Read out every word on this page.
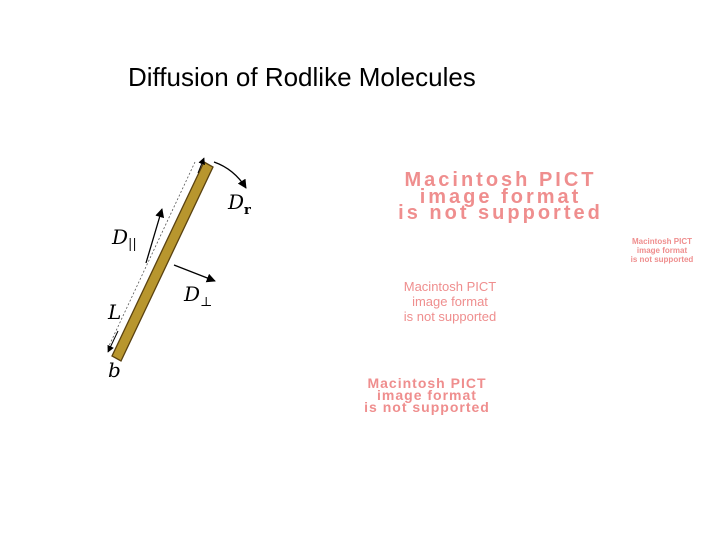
Diffusion of Rodlike Molecules
$D_r$
$D_{||}$
$D_\perp$
L
b
Macintosh PICT
image format
is not supported
Macintosh PICT
image format
is not supported
Macintosh PICT
image format
is not supported
Macintosh PICT
image format
is not supported
